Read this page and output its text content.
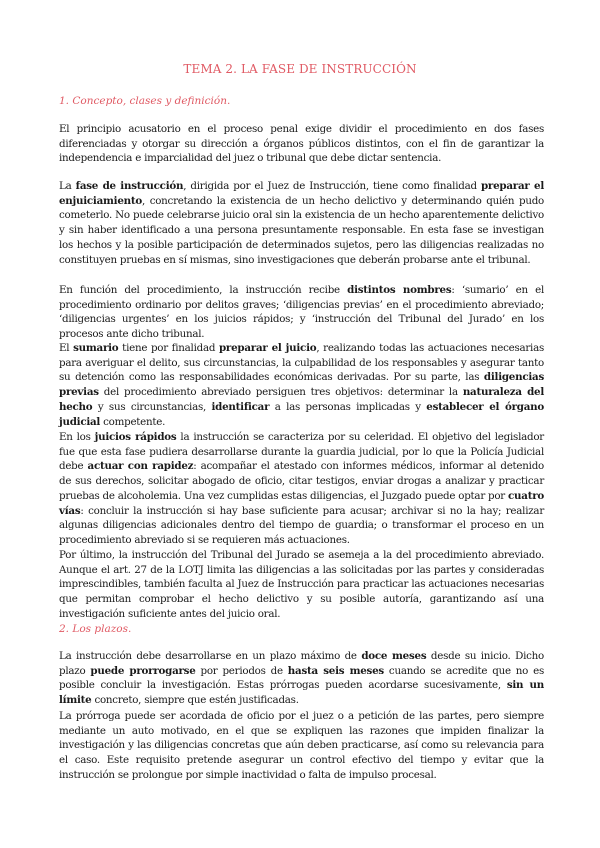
TEMA 2. LA FASE DE INSTRUCCIÓN
1. Concepto, clases y definición.

El principio acusatorio en el proceso penal exige dividir el procedimiento en dos fases diferenciadas y otorgar su dirección a órganos públicos distintos, con el fin de garantizar la independencia e imparcialidad del juez o tribunal que debe dictar sentencia.

La fase de instrucción, dirigida por el Juez de Instrucción, tiene como finalidad preparar el enjuiciamiento, concretando la existencia de un hecho delictivo y determinando quién pudo cometerlo. No puede celebrarse juicio oral sin la existencia de un hecho aparentemente delictivo y sin haber identificado a una persona presuntamente responsable. En esta fase se investigan los hechos y la posible participación de determinados sujetos, pero las diligencias realizadas no constituyen pruebas en sí mismas, sino investigaciones que deberán probarse ante el tribunal.

En función del procedimiento, la instrucción recibe distintos nombres: ‘sumario’ en el procedimiento ordinario por delitos graves; ‘diligencias previas’ en el procedimiento abreviado; ‘diligencias urgentes’ en los juicios rápidos; y ‘instrucción del Tribunal del Jurado’ en los procesos ante dicho tribunal.

El sumario tiene por finalidad preparar el juicio, realizando todas las actuaciones necesarias para averiguar el delito, sus circunstancias, la culpabilidad de los responsables y asegurar tanto su detención como las responsabilidades económicas derivadas. Por su parte, las diligencias previas del procedimiento abreviado persiguen tres objetivos: determinar la naturaleza del hecho y sus circunstancias, identificar a las personas implicadas y establecer el órgano judicial competente.

En los juicios rápidos la instrucción se caracteriza por su celeridad. El objetivo del legislador fue que esta fase pudiera desarrollarse durante la guardia judicial, por lo que la Policía Judicial debe actuar con rapidez: acompañar el atestado con informes médicos, informar al detenido de sus derechos, solicitar abogado de oficio, citar testigos, enviar drogas a analizar y practicar pruebas de alcoholemia. Una vez cumplidas estas diligencias, el Juzgado puede optar por cuatro vías: concluir la instrucción si hay base suficiente para acusar; archivar si no la hay; realizar algunas diligencias adicionales dentro del tiempo de guardia; o transformar el proceso en un procedimiento abreviado si se requieren más actuaciones.

Por último, la instrucción del Tribunal del Jurado se asemeja a la del procedimiento abreviado. Aunque el art. 27 de la LOTJ limita las diligencias a las solicitadas por las partes y consideradas imprescindibles, también faculta al Juez de Instrucción para practicar las actuaciones necesarias que permitan comprobar el hecho delictivo y su posible autoría, garantizando así una investigación suficiente antes del juicio oral.

2. Los plazos.

La instrucción debe desarrollarse en un plazo máximo de doce meses desde su inicio. Dicho plazo puede prorrogarse por periodos de hasta seis meses cuando se acredite que no es posible concluir la investigación. Estas prórrogas pueden acordarse sucesivamente, sin un límite concreto, siempre que estén justificadas.

La prórroga puede ser acordada de oficio por el juez o a petición de las partes, pero siempre mediante un auto motivado, en el que se expliquen las razones que impiden finalizar la investigación y las diligencias concretas que aún deben practicarse, así como su relevancia para el caso. Este requisito pretende asegurar un control efectivo del tiempo y evitar que la instrucción se prolongue por simple inactividad o falta de impulso procesal.
